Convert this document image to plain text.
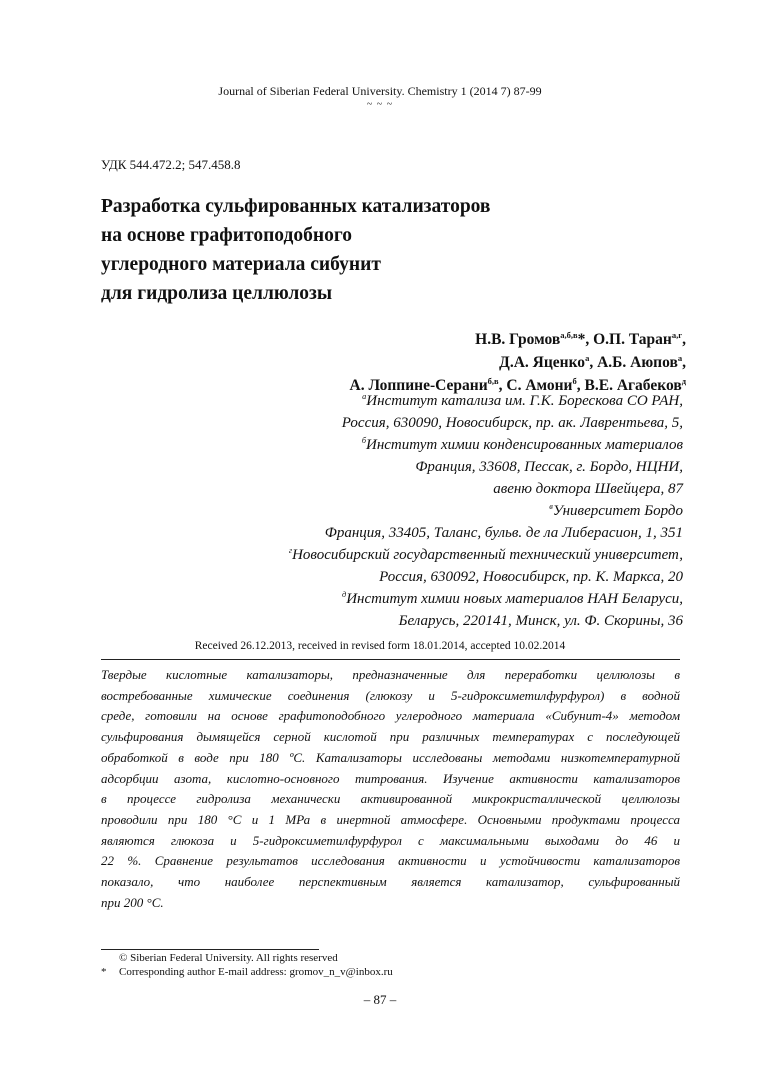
Journal of Siberian Federal University. Chemistry 1 (2014 7) 87-99
~ ~ ~
УДК 544.472.2; 547.458.8
Разработка сульфированных катализаторов
на основе графитоподобного
углеродного материала сибунит
для гидролиза целлюлозы
Н.В. Громов$^{а,б,в}$*, О.П. Таран$^{а,г}$,
Д.А. Яценко$^а$, А.Б. Аюпов$^а$,
А. Лоппине-Серани$^{б,в}$, С. Амони$^б$, В.Е. Агабеков$^д$
$^а$Институт катализа им. Г.К. Борескова СО РАН,
Россия, 630090, Новосибирск, пр. ак. Лаврентьева, 5,
$^б$Институт химии конденсированных материалов
Франция, 33608, Пессак, г. Бордо, НЦНИ,
авеню доктора Швейцера, 87
$^в$Университет Бордо
Франция, 33405, Таланс, бульв. де ла Либерасион, 1, 351
$^г$Новосибирский государственный технический университет,
Россия, 630092, Новосибирск, пр. К. Маркса, 20
$^д$Институт химии новых материалов НАН Беларуси,
Беларусь, 220141, Минск, ул. Ф. Скорины, 36
Received 26.12.2013, received in revised form 18.01.2014, accepted 10.02.2014
Твердые кислотные катализаторы, предназначенные для переработки целлюлозы в
востребованные химические соединения (глюкозу и 5-гидроксиметилфурфурол) в водной
среде, готовили на основе графитоподобного углеродного материала «Сибунит-4» методом
сульфирования дымящейся серной кислотой при различных температурах с последующей
обработкой в воде при 180 ºС. Катализаторы исследованы методами низкотемпературной
адсорбции азота, кислотно-основного титрования. Изучение активности катализаторов
в процессе гидролиза механически активированной микрокристаллической целлюлозы
проводили при 180 °С и 1 МРа в инертной атмосфере. Основными продуктами процесса
являются глюкоза и 5-гидроксиметилфурфурол с максимальными выходами до 46 и
22 %. Сравнение результатов исследования активности и устойчивости катализаторов
показало, что наиболее перспективным является катализатор, сульфированный
при 200 °С.
© Siberian Federal University. All rights reserved
* Corresponding author E-mail address: gromov_n_v@inbox.ru
– 87 –
